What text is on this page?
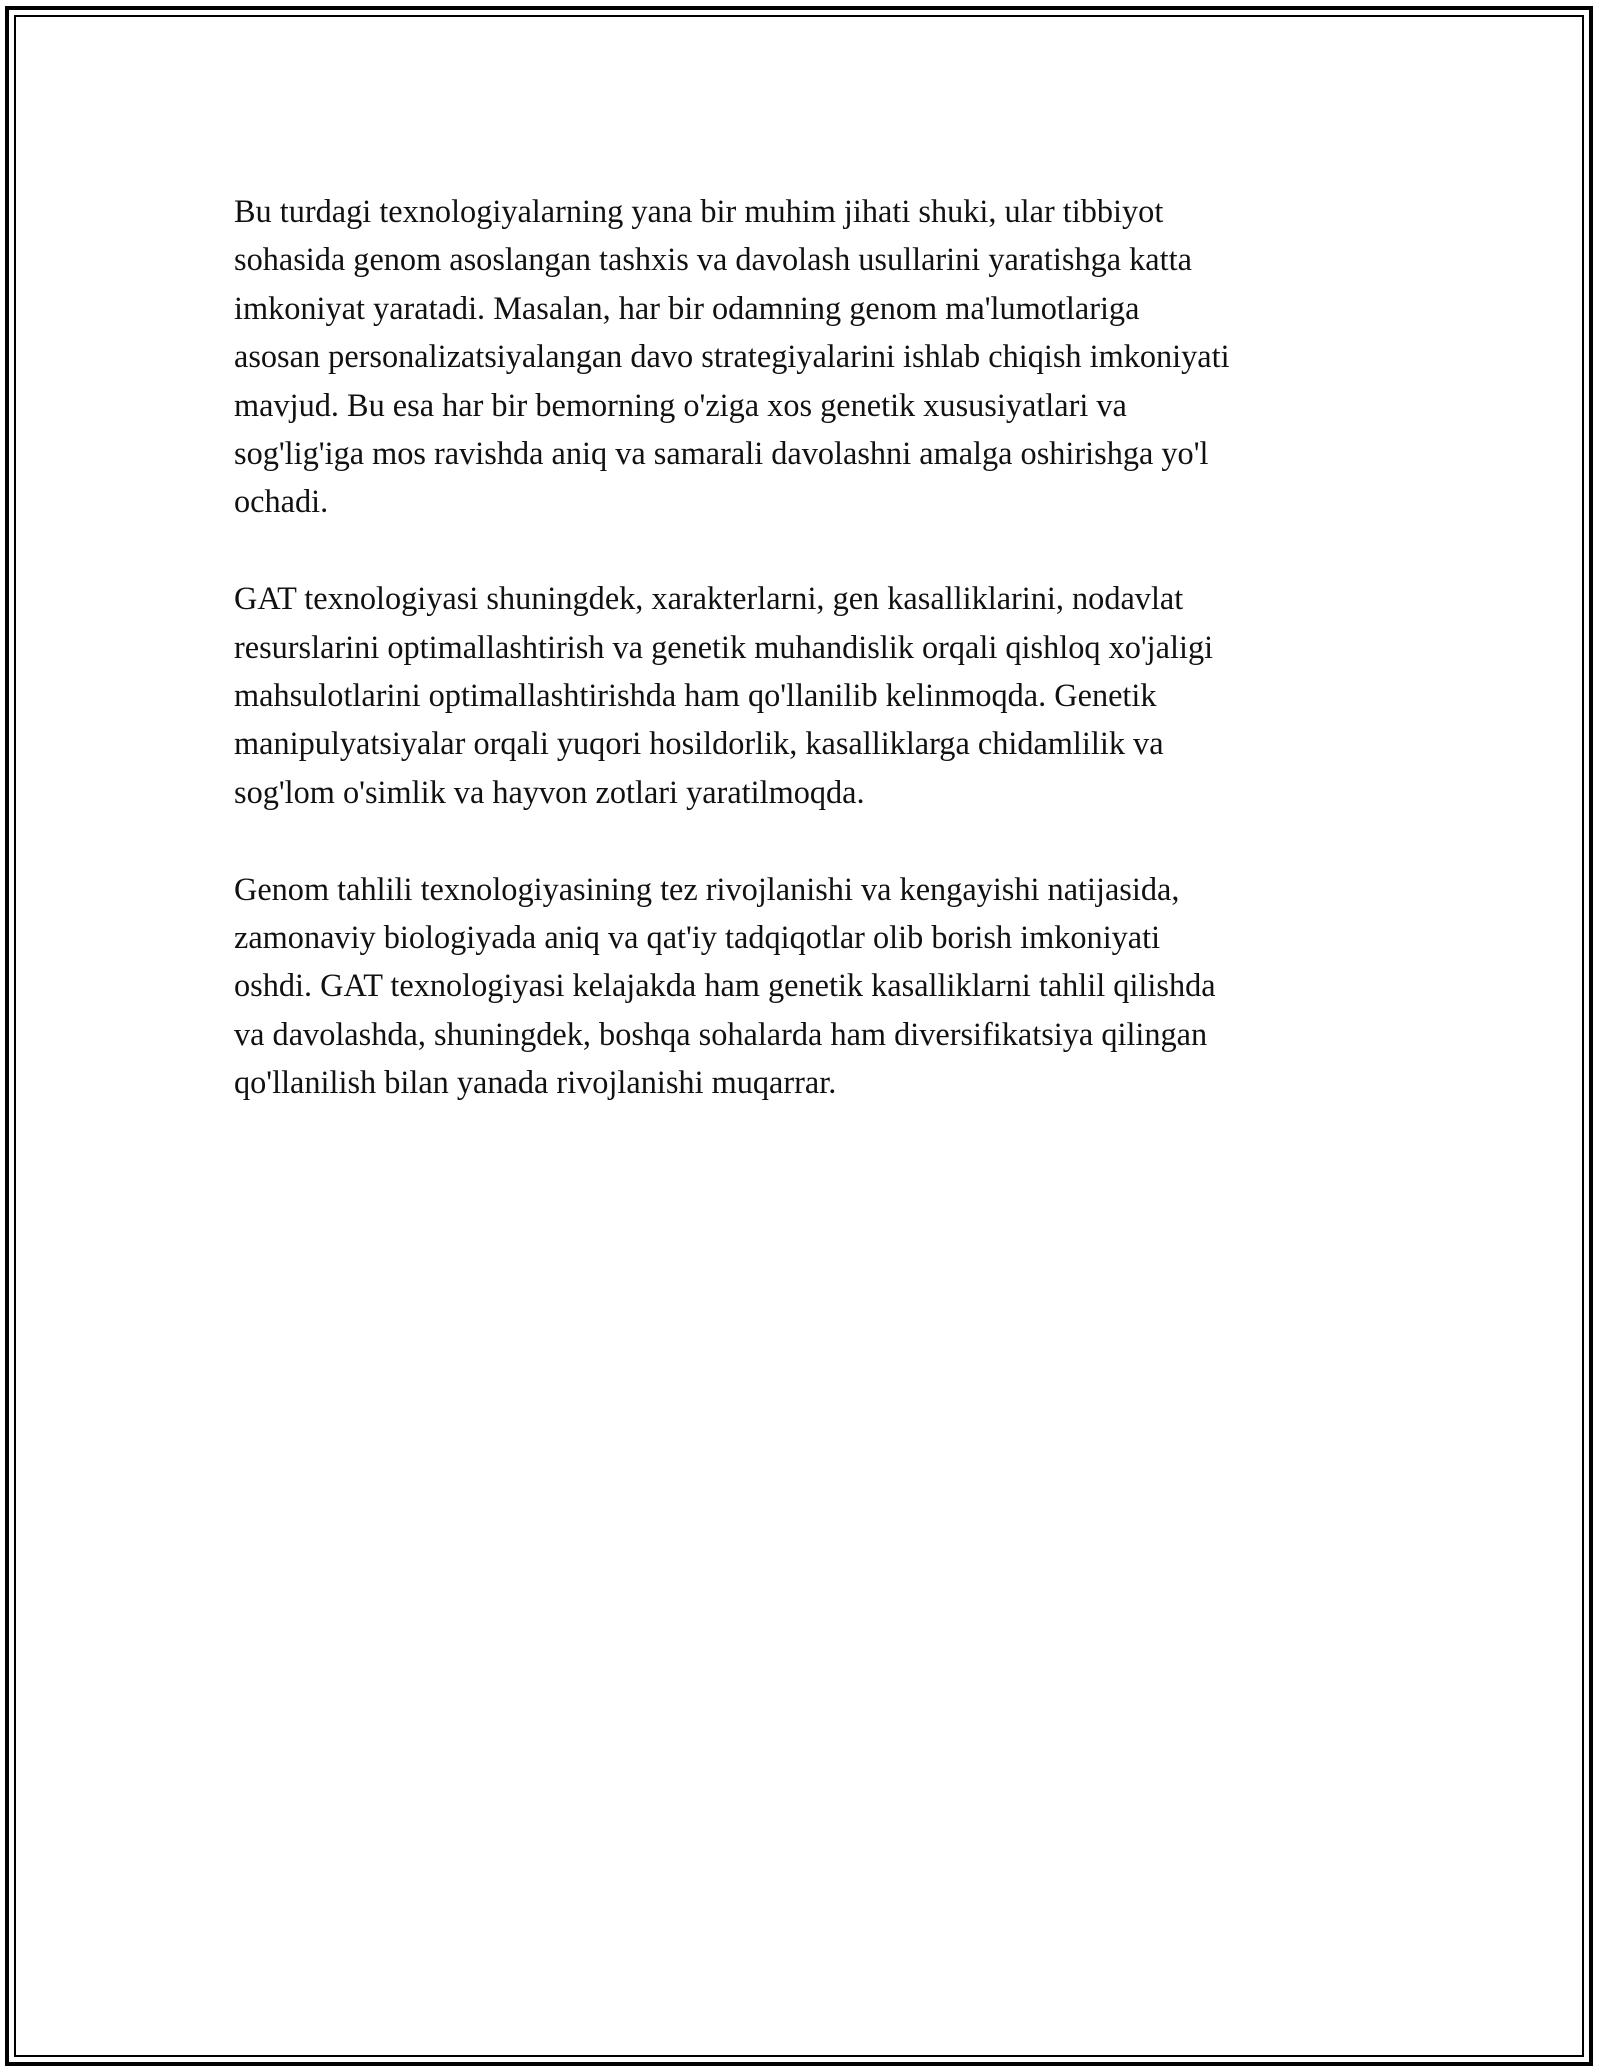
Bu turdagi texnologiyalarning yana bir muhim jihati shuki, ular tibbiyot
sohasida genom asoslangan tashxis va davolash usullarini yaratishga katta
imkoniyat yaratadi. Masalan, har bir odamning genom ma'lumotlariga
asosan personalizatsiyalangan davo strategiyalarini ishlab chiqish imkoniyati
mavjud. Bu esa har bir bemorning o'ziga xos genetik xususiyatlari va
sog'lig'iga mos ravishda aniq va samarali davolashni amalga oshirishga yo'l
ochadi.

GAT texnologiyasi shuningdek, xarakterlarni, gen kasalliklarini, nodavlat
resurslarini optimallashtirish va genetik muhandislik orqali qishloq xo'jaligi
mahsulotlarini optimallashtirishda ham qo'llanilib kelinmoqda. Genetik
manipulyatsiyalar orqali yuqori hosildorlik, kasalliklarga chidamlilik va
sog'lom o'simlik va hayvon zotlari yaratilmoqda.

Genom tahlili texnologiyasining tez rivojlanishi va kengayishi natijasida,
zamonaviy biologiyada aniq va qat'iy tadqiqotlar olib borish imkoniyati
oshdi. GAT texnologiyasi kelajakda ham genetik kasalliklarni tahlil qilishda
va davolashda, shuningdek, boshqa sohalarda ham diversifikatsiya qilingan
qo'llanilish bilan yanada rivojlanishi muqarrar.
